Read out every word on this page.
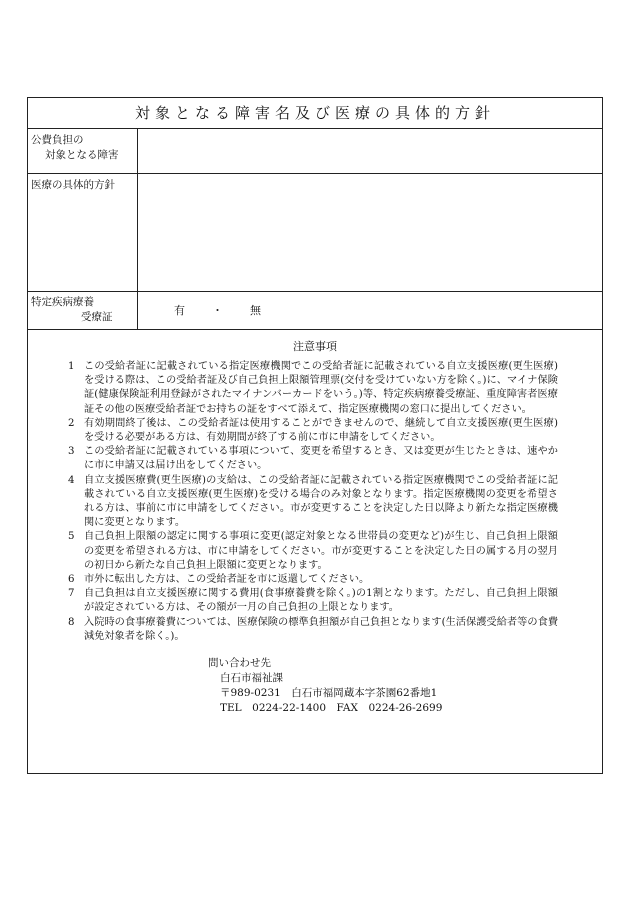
対象となる障害名及び医療の具体的方針
公費負担の
対象となる障害
医療の具体的方針
特定疾病療養
受療証	有　・　無
注意事項
1 この受給者証に記載されている指定医療機関でこの受給者証に記載されている自立支援医療(更生医療)を受ける際は、この受給者証及び自己負担上限額管理票(交付を受けていない方を除く。)に、マイナ保険証(健康保険証利用登録がされたマイナンバーカードをいう。)等、特定疾病療養受療証、重度障害者医療証その他の医療受給者証でお持ちの証をすべて添えて、指定医療機関の窓口に提出してください。
2 有効期間終了後は、この受給者証は使用することができませんので、継続して自立支援医療(更生医療)を受ける必要がある方は、有効期間が終了する前に市に申請をしてください。
3 この受給者証に記載されている事項について、変更を希望するとき、又は変更が生じたときは、速やかに市に申請又は届け出をしてください。
4 自立支援医療費(更生医療)の支給は、この受給者証に記載されている指定医療機関でこの受給者証に記載されている自立支援医療(更生医療)を受ける場合のみ対象となります。指定医療機関の変更を希望される方は、事前に市に申請をしてください。市が変更することを決定した日以降より新たな指定医療機関に変更となります。
5 自己負担上限額の認定に関する事項に変更(認定対象となる世帯員の変更など)が生じ、自己負担上限額の変更を希望される方は、市に申請をしてください。市が変更することを決定した日の属する月の翌月の初日から新たな自己負担上限額に変更となります。
6 市外に転出した方は、この受給者証を市に返還してください。
7 自己負担は自立支援医療に関する費用(食事療養費を除く。)の1割となります。ただし、自己負担上限額が設定されている方は、その額が一月の自己負担の上限となります。
8 入院時の食事療養費については、医療保険の標準負担額が自己負担となります(生活保護受給者等の食費減免対象者を除く。)。
問い合わせ先
白石市福祉課
〒989-0231　白石市福岡蔵本字茶園62番地1
TEL　0224-22-1400　FAX　0224-26-2699
